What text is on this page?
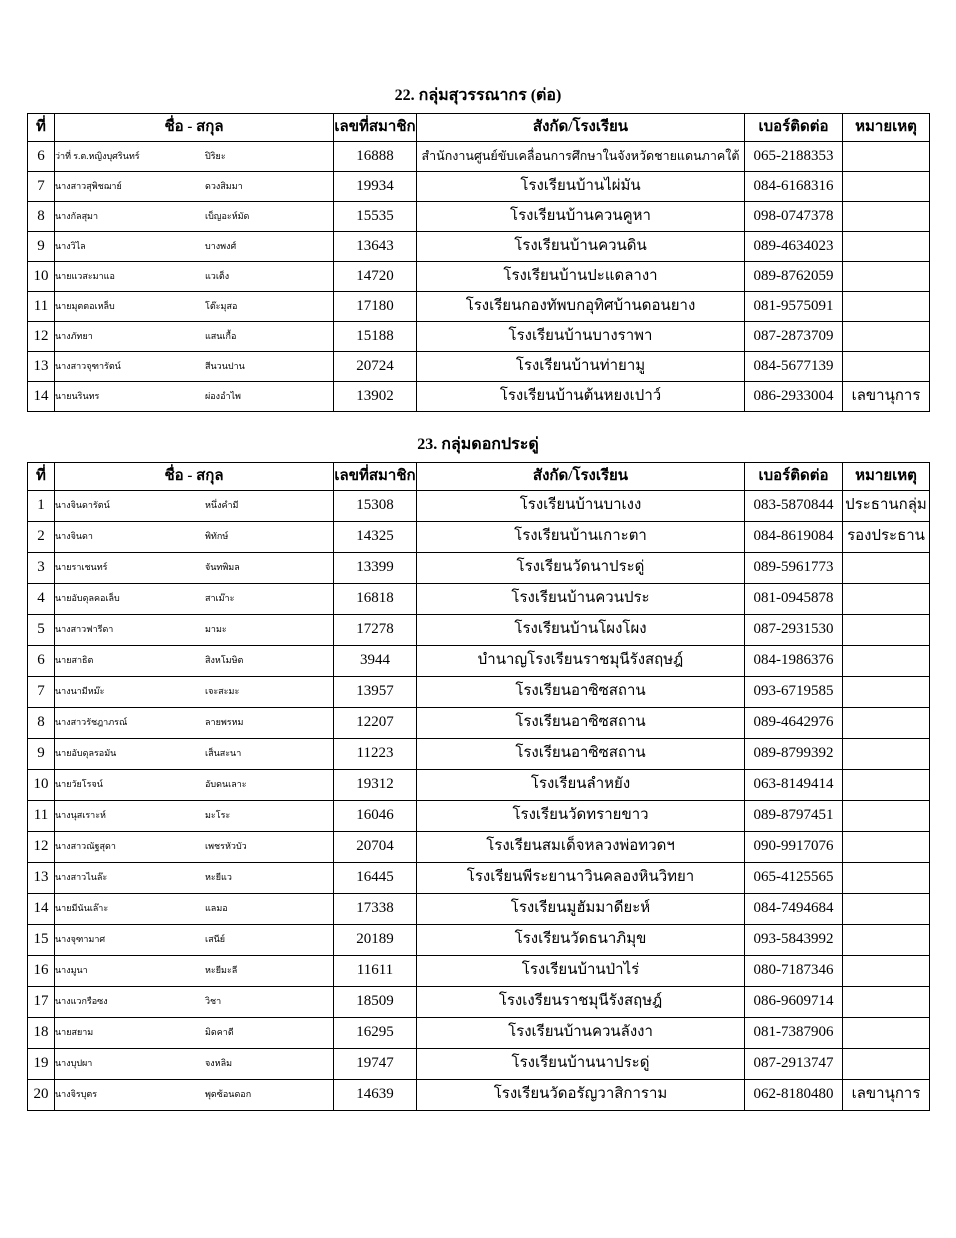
22. กลุ่มสุวรรณากร (ต่อ)
ที่	ชื่อ - สกุล	เลขที่สมาชิก	สังกัด/โรงเรียน	เบอร์ติดต่อ	หมายเหตุ
6	ว่าที่ ร.ต.หญิงบุศรินทร์ ปิริยะ	16888	สำนักงานศูนย์ขับเคลื่อนการศึกษาในจังหวัดชายแดนภาคใต้	065-2188353	
7	นางสาวสุพิชฌาย์ ดวงสิมมา	19934	โรงเรียนบ้านไผ่มัน	084-6168316	
8	นางกัลสุมา เบ็ญอะห์มัด	15535	โรงเรียนบ้านควนคูหา	098-0747378	
9	นางวิไล บางพงศ์	13643	โรงเรียนบ้านควนดิน	089-4634023	
10	นายแวสะมาแอ แวเต็ง	14720	โรงเรียนบ้านปะแดลางา	089-8762059	
11	นายมุตตอเหล็บ โต๊ะมุสอ	17180	โรงเรียนกองทัพบกอุทิศบ้านดอนยาง	081-9575091	
12	นางภัทยา แสนเกื้อ	15188	โรงเรียนบ้านบางราพา	087-2873709	
13	นางสาวจุฑารัตน์ สีนวนปาน	20724	โรงเรียนบ้านท่ายามู	084-5677139	
14	นายนรินทร ผ่องอำไพ	13902	โรงเรียนบ้านต้นหยงเปาว์	086-2933004	เลขานุการ
23. กลุ่มดอกประดู่
ที่	ชื่อ - สกุล	เลขที่สมาชิก	สังกัด/โรงเรียน	เบอร์ติดต่อ	หมายเหตุ
1	นางจินดารัตน์ หนึ่งคำมี	15308	โรงเรียนบ้านบาเงง	083-5870844	ประธานกลุ่ม
2	นางจินดา พิทักษ์	14325	โรงเรียนบ้านเกาะตา	084-8619084	รองประธาน
3	นายราเชนทร์ จันทพิมล	13399	โรงเรียนวัดนาประดู่	089-5961773	
4	นายอับดุลคอเล็บ สาเม๊าะ	16818	โรงเรียนบ้านควนประ	081-0945878	
5	นางสาวฟารีดา มามะ	17278	โรงเรียนบ้านโผงโผง	087-2931530	
6	นายสาธิต สิงหโมษิต	3944	บำนาญโรงเรียนราชมุนีรังสฤษฎ์	084-1986376	
7	นางนามีหม๊ะ เจะสะมะ	13957	โรงเรียนอาซิซสถาน	093-6719585	
8	นางสาวรัชฎาภรณ์ ลายพรหม	12207	โรงเรียนอาซิซสถาน	089-4642976	
9	นายอับดุลรอมัน เส็นสะนา	11223	โรงเรียนอาซิซสถาน	089-8799392	
10	นายวัยโรจน์ อับดนเลาะ	19312	โรงเรียนลำหยัง	063-8149414	
11	นางนุสเราะห์ มะโระ	16046	โรงเรียนวัดทรายขาว	089-8797451	
12	นางสาวณัฐสุดา เพชรหัวบัว	20704	โรงเรียนสมเด็จหลวงพ่อทวดฯ	090-9917076	
13	นางสาวไนล๊ะ หะยีแว	16445	โรงเรียนพีระยานาวินคลองหินวิทยา	065-4125565	
14	นายมีนันเล๊าะ แลมอ	17338	โรงเรียนมูฮัมมาดียะห์	084-7494684	
15	นางจุฑามาศ เสนีย์	20189	โรงเรียนวัดธนาภิมุข	093-5843992	
16	นางมูนา หะยีมะลี	11611	โรงเรียนบ้านป่าไร่	080-7187346	
17	นางแวกรือซง วิชา	18509	โรงเงรียนราชมุนีรังสฤษฎ์	086-9609714	
18	นายสยาม มิดคาดี	16295	โรงเรียนบ้านควนลังงา	081-7387906	
19	นางบุปผา จงหลิม	19747	โรงเรียนบ้านนาประดู่	087-2913747	
20	นางจิรบุตร พุดซ้อนดอก	14639	โรงเรียนวัดอรัญวาสิการาม	062-8180480	เลขานุการ
